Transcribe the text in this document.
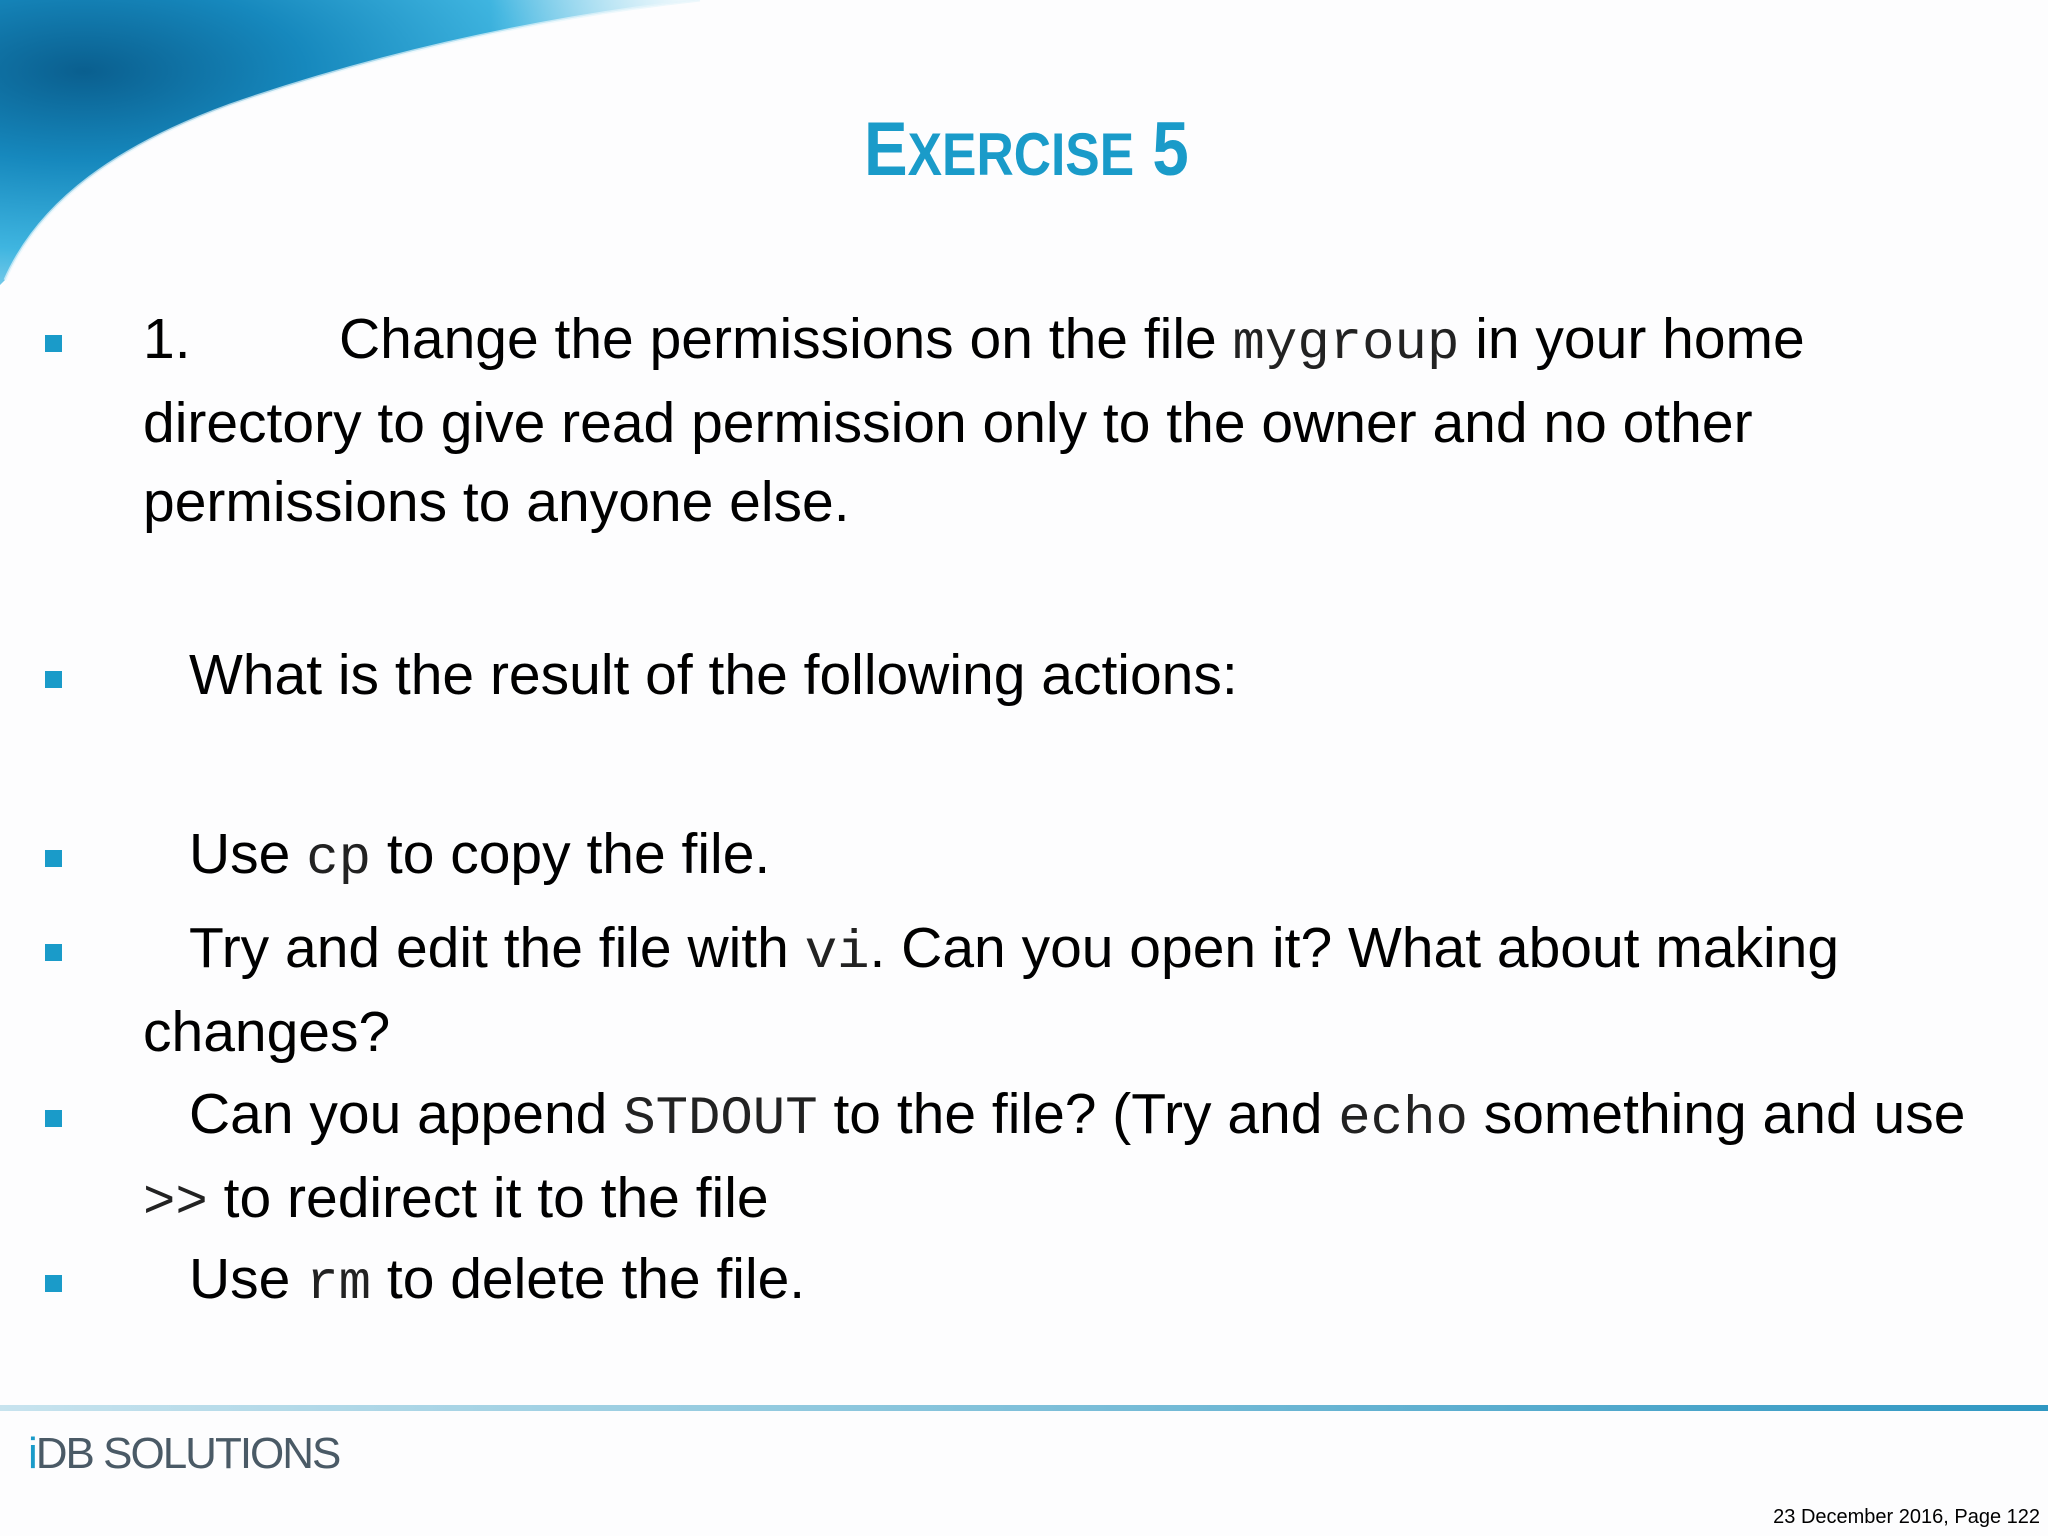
EXERCISE 5
1.	Change the permissions on the file mygroup in your home directory to give read permission only to the owner and no other permissions to anyone else.
What is the result of the following actions:
Use cp to copy the file.
Try and edit the file with vi. Can you open it? What about making changes?
Can you append STDOUT to the file? (Try and echo something and use >> to redirect it to the file
Use rm to delete the file.
iDB SOLUTIONS
23 December 2016, Page 122
